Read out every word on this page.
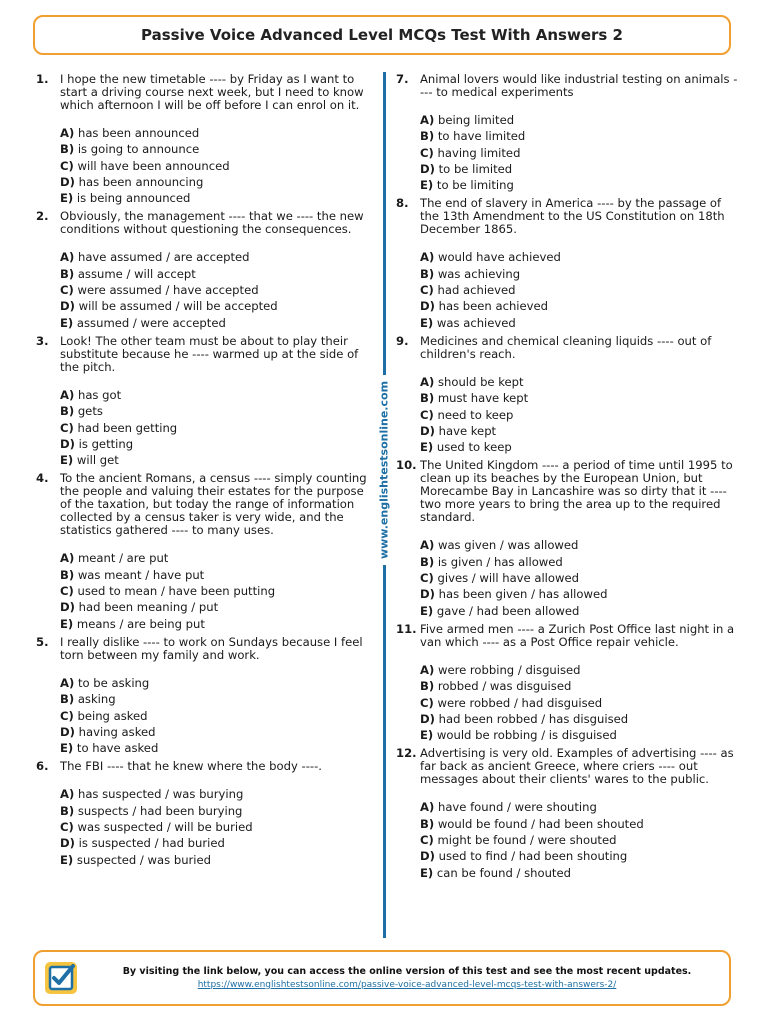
Passive Voice Advanced Level MCQs Test With Answers 2
1. I hope the new timetable ---- by Friday as I want to start a driving course next week, but I need to know which afternoon I will be off before I can enrol on it.
A) has been announced
B) is going to announce
C) will have been announced
D) has been announcing
E) is being announced
2. Obviously, the management ---- that we ---- the new conditions without questioning the consequences.
A) have assumed / are accepted
B) assume / will accept
C) were assumed / have accepted
D) will be assumed / will be accepted
E) assumed / were accepted
3. Look! The other team must be about to play their substitute because he ---- warmed up at the side of the pitch.
A) has got
B) gets
C) had been getting
D) is getting
E) will get
4. To the ancient Romans, a census ---- simply counting the people and valuing their estates for the purpose of the taxation, but today the range of information collected by a census taker is very wide, and the statistics gathered ---- to many uses.
A) meant / are put
B) was meant / have put
C) used to mean / have been putting
D) had been meaning / put
E) means / are being put
5. I really dislike ---- to work on Sundays because I feel torn between my family and work.
A) to be asking
B) asking
C) being asked
D) having asked
E) to have asked
6. The FBI ---- that he knew where the body ----.
A) has suspected / was burying
B) suspects / had been burying
C) was suspected / will be buried
D) is suspected / had buried
E) suspected / was buried
www.englishtestsonline.com
7. Animal lovers would like industrial testing on animals ---- to medical experiments
A) being limited
B) to have limited
C) having limited
D) to be limited
E) to be limiting
8. The end of slavery in America ---- by the passage of the 13th Amendment to the US Constitution on 18th December 1865.
A) would have achieved
B) was achieving
C) had achieved
D) has been achieved
E) was achieved
9. Medicines and chemical cleaning liquids ---- out of children's reach.
A) should be kept
B) must have kept
C) need to keep
D) have kept
E) used to keep
10. The United Kingdom ---- a period of time until 1995 to clean up its beaches by the European Union, but Morecambe Bay in Lancashire was so dirty that it ---- two more years to bring the area up to the required standard.
A) was given / was allowed
B) is given / has allowed
C) gives / will have allowed
D) has been given / has allowed
E) gave / had been allowed
11. Five armed men ---- a Zurich Post Office last night in a van which ---- as a Post Office repair vehicle.
A) were robbing / disguised
B) robbed / was disguised
C) were robbed / had disguised
D) had been robbed / has disguised
E) would be robbing / is disguised
12. Advertising is very old. Examples of advertising ---- as far back as ancient Greece, where criers ---- out messages about their clients' wares to the public.
A) have found / were shouting
B) would be found / had been shouted
C) might be found / were shouted
D) used to find / had been shouting
E) can be found / shouted
By visiting the link below, you can access the online version of this test and see the most recent updates.
https://www.englishtestsonline.com/passive-voice-advanced-level-mcqs-test-with-answers-2/
